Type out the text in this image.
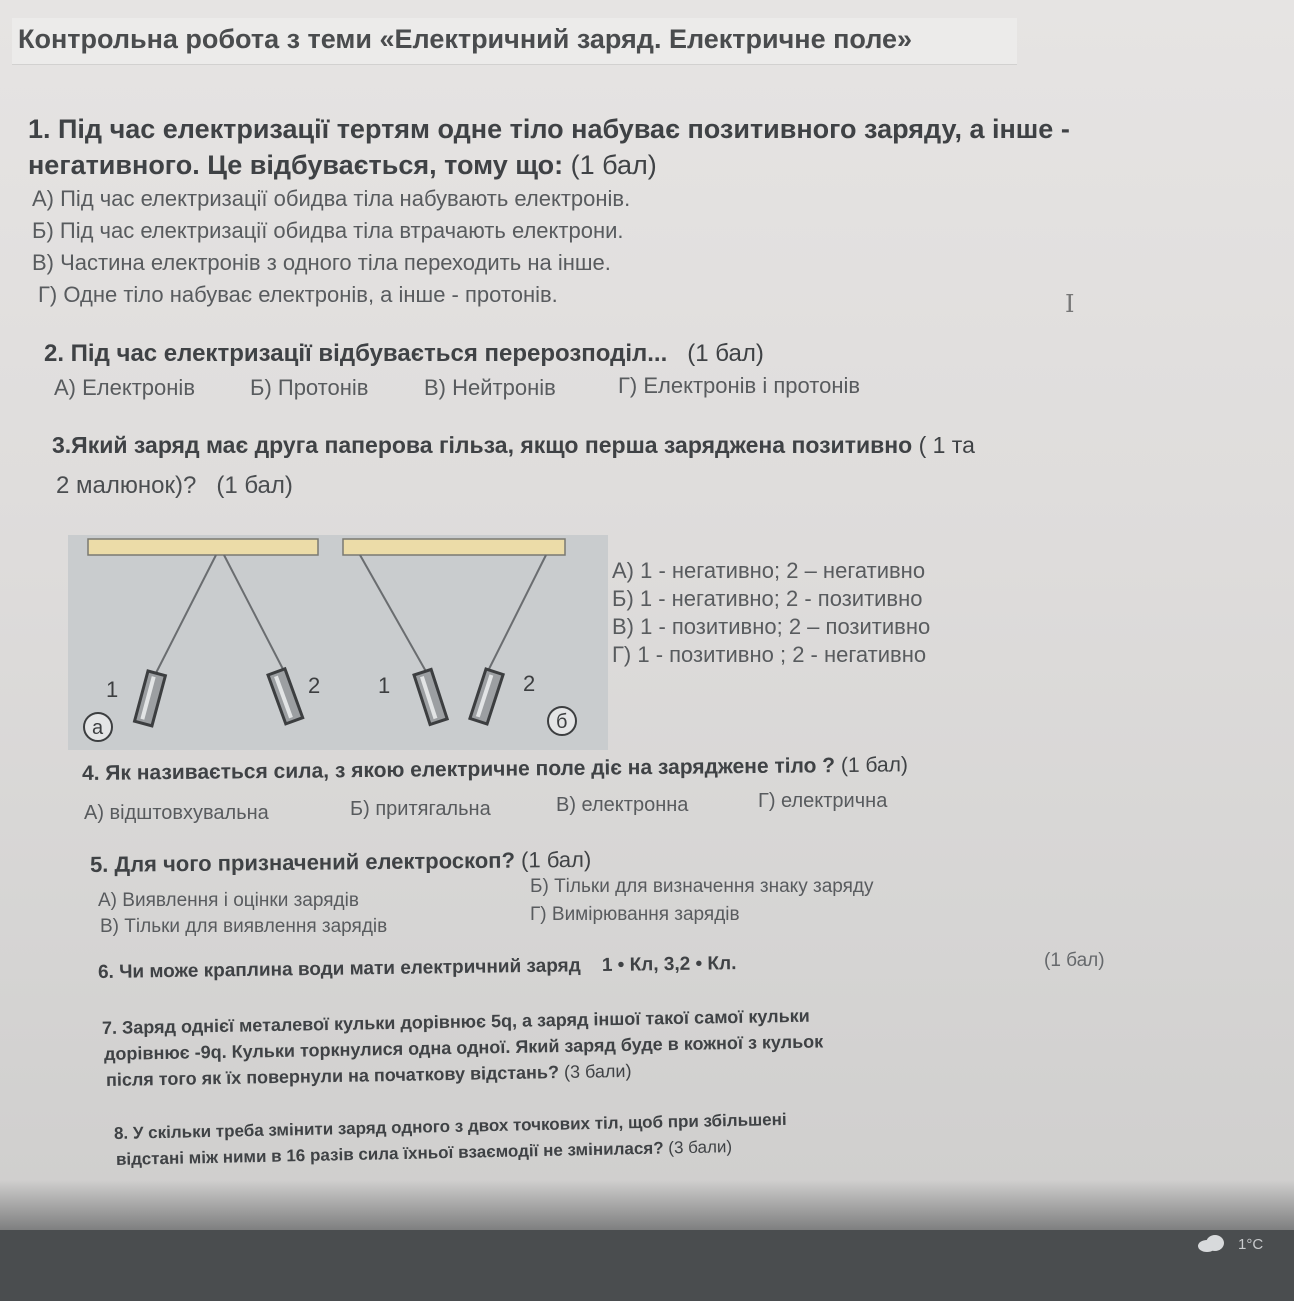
Контрольна робота з теми «Електричний заряд. Електричне поле»
1. Під час електризації тертям одне тіло набуває позитивного заряду, а інше -
негативного. Це відбувається, тому що: (1 бал)
А) Під час електризації обидва тіла набувають електронів.
Б) Під час електризації обидва тіла втрачають електрони.
В) Частина електронів з одного тіла переходить на інше.
Г) Одне тіло набуває електронів, а інше - протонів.	I
2. Під час електризації відбувається перерозподіл... (1 бал)
А) Електронів Б) Протонів	В) Нейтронів	Г) Електронів і протонів
3.Який заряд має друга паперова гільза, якщо перша заряджена позитивно ( 1 та
2 малюнок)? (1 бал)
1	2	1	2
а	б
А) 1 - негативно; 2 – негативно
Б) 1 - негативно; 2 - позитивно
В) 1 - позитивно; 2 – позитивно
Г) 1 - позитивно ; 2 - негативно
4. Як називається сила, з якою електричне поле діє на заряджене тіло ? (1 бал)
А) відштовхувальна	Б) притягальна	В) електронна	Г) електрична
5. Для чого призначений електроскоп? (1 бал)
А) Виявлення і оцінки зарядів
Б) Тільки для визначення знаку заряду
В) Тільки для виявлення зарядів
Г) Вимірювання зарядів
6. Чи може краплина води мати електричний заряд 1 • Кл, 3,2 • Кл.	(1 бал)
7. Заряд однієї металевої кульки дорівнює 5q, а заряд іншої такої самої кульки
дорівнює -9q. Кульки торкнулися одна одної. Який заряд буде в кожної з кульок
після того як їх повернули на початкову відстань? (3 бали)
8. У скільки треба змінити заряд одного з двох точкових тіл, щоб при збільшені
відстані між ними в 16 разів сила їхньої взаємодії не змінилася? (3 бали)
1°C
